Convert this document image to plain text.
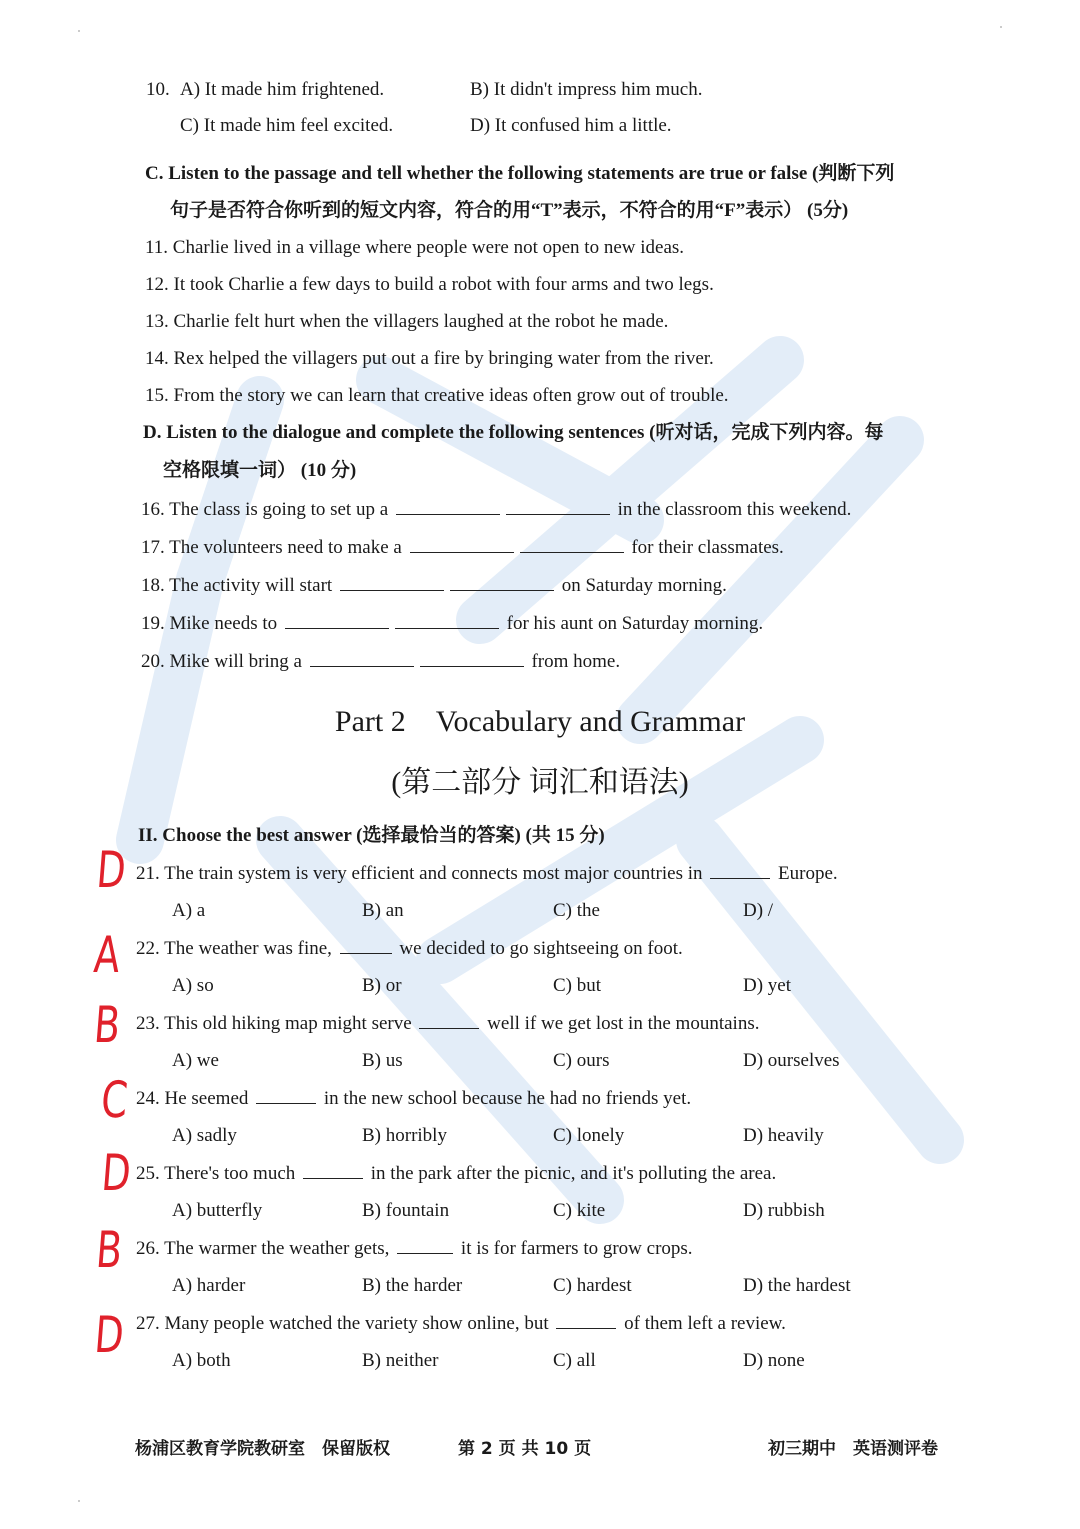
10. A) It made him frightened.	B) It didn't impress him much.
C) It made him feel excited.	D) It confused him a little.
C. Listen to the passage and tell whether the following statements are true or false (判断下列
句子是否符合你听到的短文内容，符合的用“T”表示，不符合的用“F”表示） (5分)
11. Charlie lived in a village where people were not open to new ideas.
12. It took Charlie a few days to build a robot with four arms and two legs.
13. Charlie felt hurt when the villagers laughed at the robot he made.
14. Rex helped the villagers put out a fire by bringing water from the river.
15. From the story we can learn that creative ideas often grow out of trouble.
D. Listen to the dialogue and complete the following sentences (听对话，完成下列内容。每
空格限填一词） (10 分)
16. The class is going to set up a	in the classroom this weekend.
17. The volunteers need to make a	for their classmates.
18. The activity will start	on Saturday morning.
19. Mike needs to	for his aunt on Saturday morning.
20. Mike will bring a	from home.
Part 2　Vocabulary and Grammar
(第二部分 词汇和语法)
II. Choose the best answer (选择最恰当的答案) (共 15 分)
21. The train system is very efficient and connects most major countries in	Europe.
A) a	B) an	C) the	D) /
D
22. The weather was fine,	we decided to go sightseeing on foot.
A) so	B) or	C) but	D) yet
A
23. This old hiking map might serve	well if we get lost in the mountains.
A) we	B) us	C) ours	D) ourselves
B
24. He seemed	in the new school because he had no friends yet.
A) sadly	B) horribly	C) lonely	D) heavily
C
25. There's too much	in the park after the picnic, and it's polluting the area.
A) butterfly	B) fountain	C) kite	D) rubbish
D
26. The warmer the weather gets,	it is for farmers to grow crops.
A) harder	B) the harder	C) hardest	D) the hardest
B
27. Many people watched the variety show online, but	of them left a review.
A) both	B) neither	C) all	D) none
D
杨浦区教育学院教研室　保留版权	第 2 页 共 10 页	初三期中　英语测评卷
